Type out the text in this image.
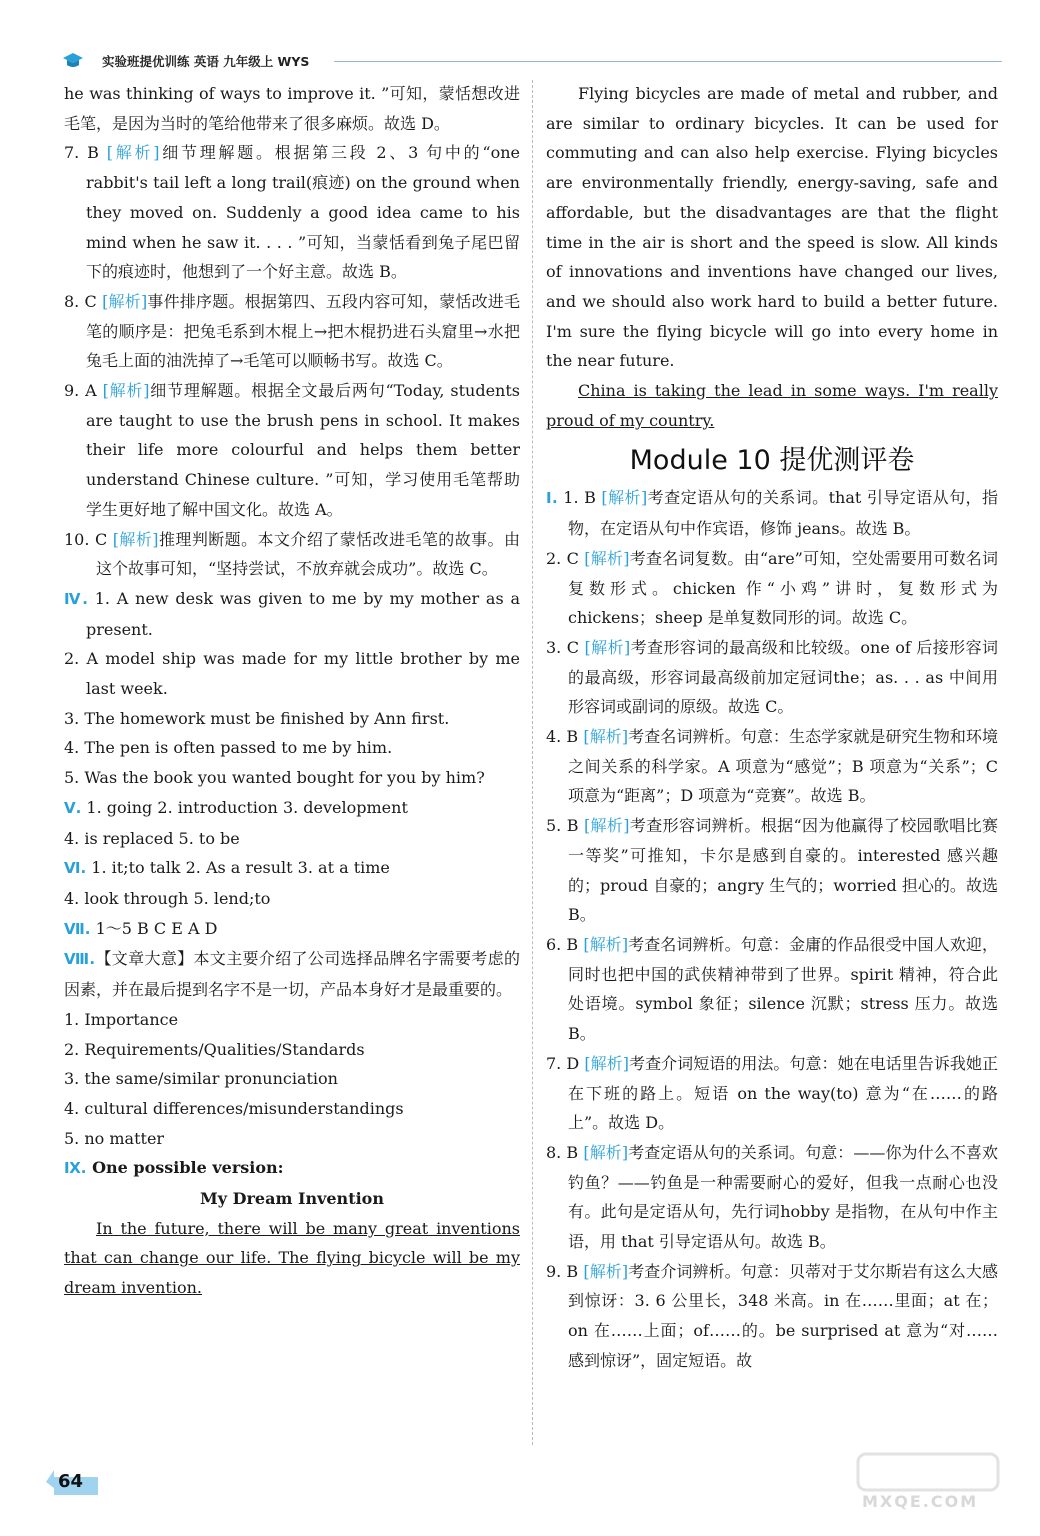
实验班提优训练 英语 九年级上 WYS

he was thinking of ways to improve it. ”可知，蒙恬想改进毛笔，是因为当时的笔给他带来了很多麻烦。故选 D。

7. B [解析]细节理解题。根据第三段 2、3 句中的“one rabbit's tail left a long trail(痕迹) on the ground when they moved on. Suddenly a good idea came to his mind when he saw it. . . . ”可知，当蒙恬看到兔子尾巴留下的痕迹时，他想到了一个好主意。故选 B。

8. C [解析]事件排序题。根据第四、五段内容可知，蒙恬改进毛笔的顺序是：把兔毛系到木棍上→把木棍扔进石头窟里→水把兔毛上面的油洗掉了→毛笔可以顺畅书写。故选 C。

9. A [解析]细节理解题。根据全文最后两句“Today, students are taught to use the brush pens in school. It makes their life more colourful and helps them better understand Chinese culture. ”可知，学习使用毛笔帮助学生更好地了解中国文化。故选 A。

10. C [解析]推理判断题。本文介绍了蒙恬改进毛笔的故事。由这个故事可知，“坚持尝试，不放弃就会成功”。故选 C。

Ⅳ. 1. A new desk was given to me by my mother as a present.

2. A model ship was made for my little brother by me last week.

3. The homework must be finished by Ann first.

4. The pen is often passed to me by him.

5. Was the book you wanted bought for you by him?

Ⅴ. 1. going 2. introduction 3. development

4. is replaced 5. to be

Ⅵ. 1. it;to talk 2. As a result 3. at a time

4. look through 5. lend;to

Ⅶ. 1～5 B C E A D

Ⅷ.【文章大意】本文主要介绍了公司选择品牌名字需要考虑的因素，并在最后提到名字不是一切，产品本身好才是最重要的。

1. Importance

2. Requirements/Qualities/Standards

3. the same/similar pronunciation

4. cultural differences/misunderstandings

5. no matter

Ⅸ. One possible version:

My Dream Invention

In the future, there will be many great inventions that can change our life. The flying bicycle will be my dream invention.

Flying bicycles are made of metal and rubber, and are similar to ordinary bicycles. It can be used for commuting and can also help exercise. Flying bicycles are environmentally friendly, energy-saving, safe and affordable, but the disadvantages are that the flight time in the air is short and the speed is slow. All kinds of innovations and inventions have changed our lives, and we should also work hard to build a better future. I'm sure the flying bicycle will go into every home in the near future.

China is taking the lead in some ways. I'm really proud of my country.

Module 10 提优测评卷

Ⅰ. 1. B [解析]考查定语从句的关系词。that 引导定语从句，指物，在定语从句中作宾语，修饰 jeans。故选 B。

2. C [解析]考查名词复数。由“are”可知，空处需要用可数名词复数形式。chicken 作“小鸡”讲时，复数形式为 chickens；sheep 是单复数同形的词。故选 C。

3. C [解析]考查形容词的最高级和比较级。one of 后接形容词的最高级，形容词最高级前加定冠词the；as. . . as 中间用形容词或副词的原级。故选 C。

4. B [解析]考查名词辨析。句意：生态学家就是研究生物和环境之间关系的科学家。A 项意为“感觉”；B 项意为“关系”；C 项意为“距离”；D 项意为“竞赛”。故选 B。

5. B [解析]考查形容词辨析。根据“因为他赢得了校园歌唱比赛一等奖”可推知，卡尔是感到自豪的。interested 感兴趣的；proud 自豪的；angry 生气的；worried 担心的。故选 B。

6. B [解析]考查名词辨析。句意：金庸的作品很受中国人欢迎，同时也把中国的武侠精神带到了世界。spirit 精神，符合此处语境。symbol 象征；silence 沉默；stress 压力。故选 B。

7. D [解析]考查介词短语的用法。句意：她在电话里告诉我她正在下班的路上。短语 on the way(to) 意为“在……的路上”。故选 D。

8. B [解析]考查定语从句的关系词。句意：——你为什么不喜欢钓鱼？——钓鱼是一种需要耐心的爱好，但我一点耐心也没有。此句是定语从句，先行词hobby 是指物，在从句中作主语，用 that 引导定语从句。故选 B。

9. B [解析]考查介词辨析。句意：贝蒂对于艾尔斯岩有这么大感到惊讶：3. 6 公里长，348 米高。in 在……里面；at 在；on 在……上面；of……的。be surprised at 意为“对……感到惊讶”，固定短语。故

64
MXQE.COM
